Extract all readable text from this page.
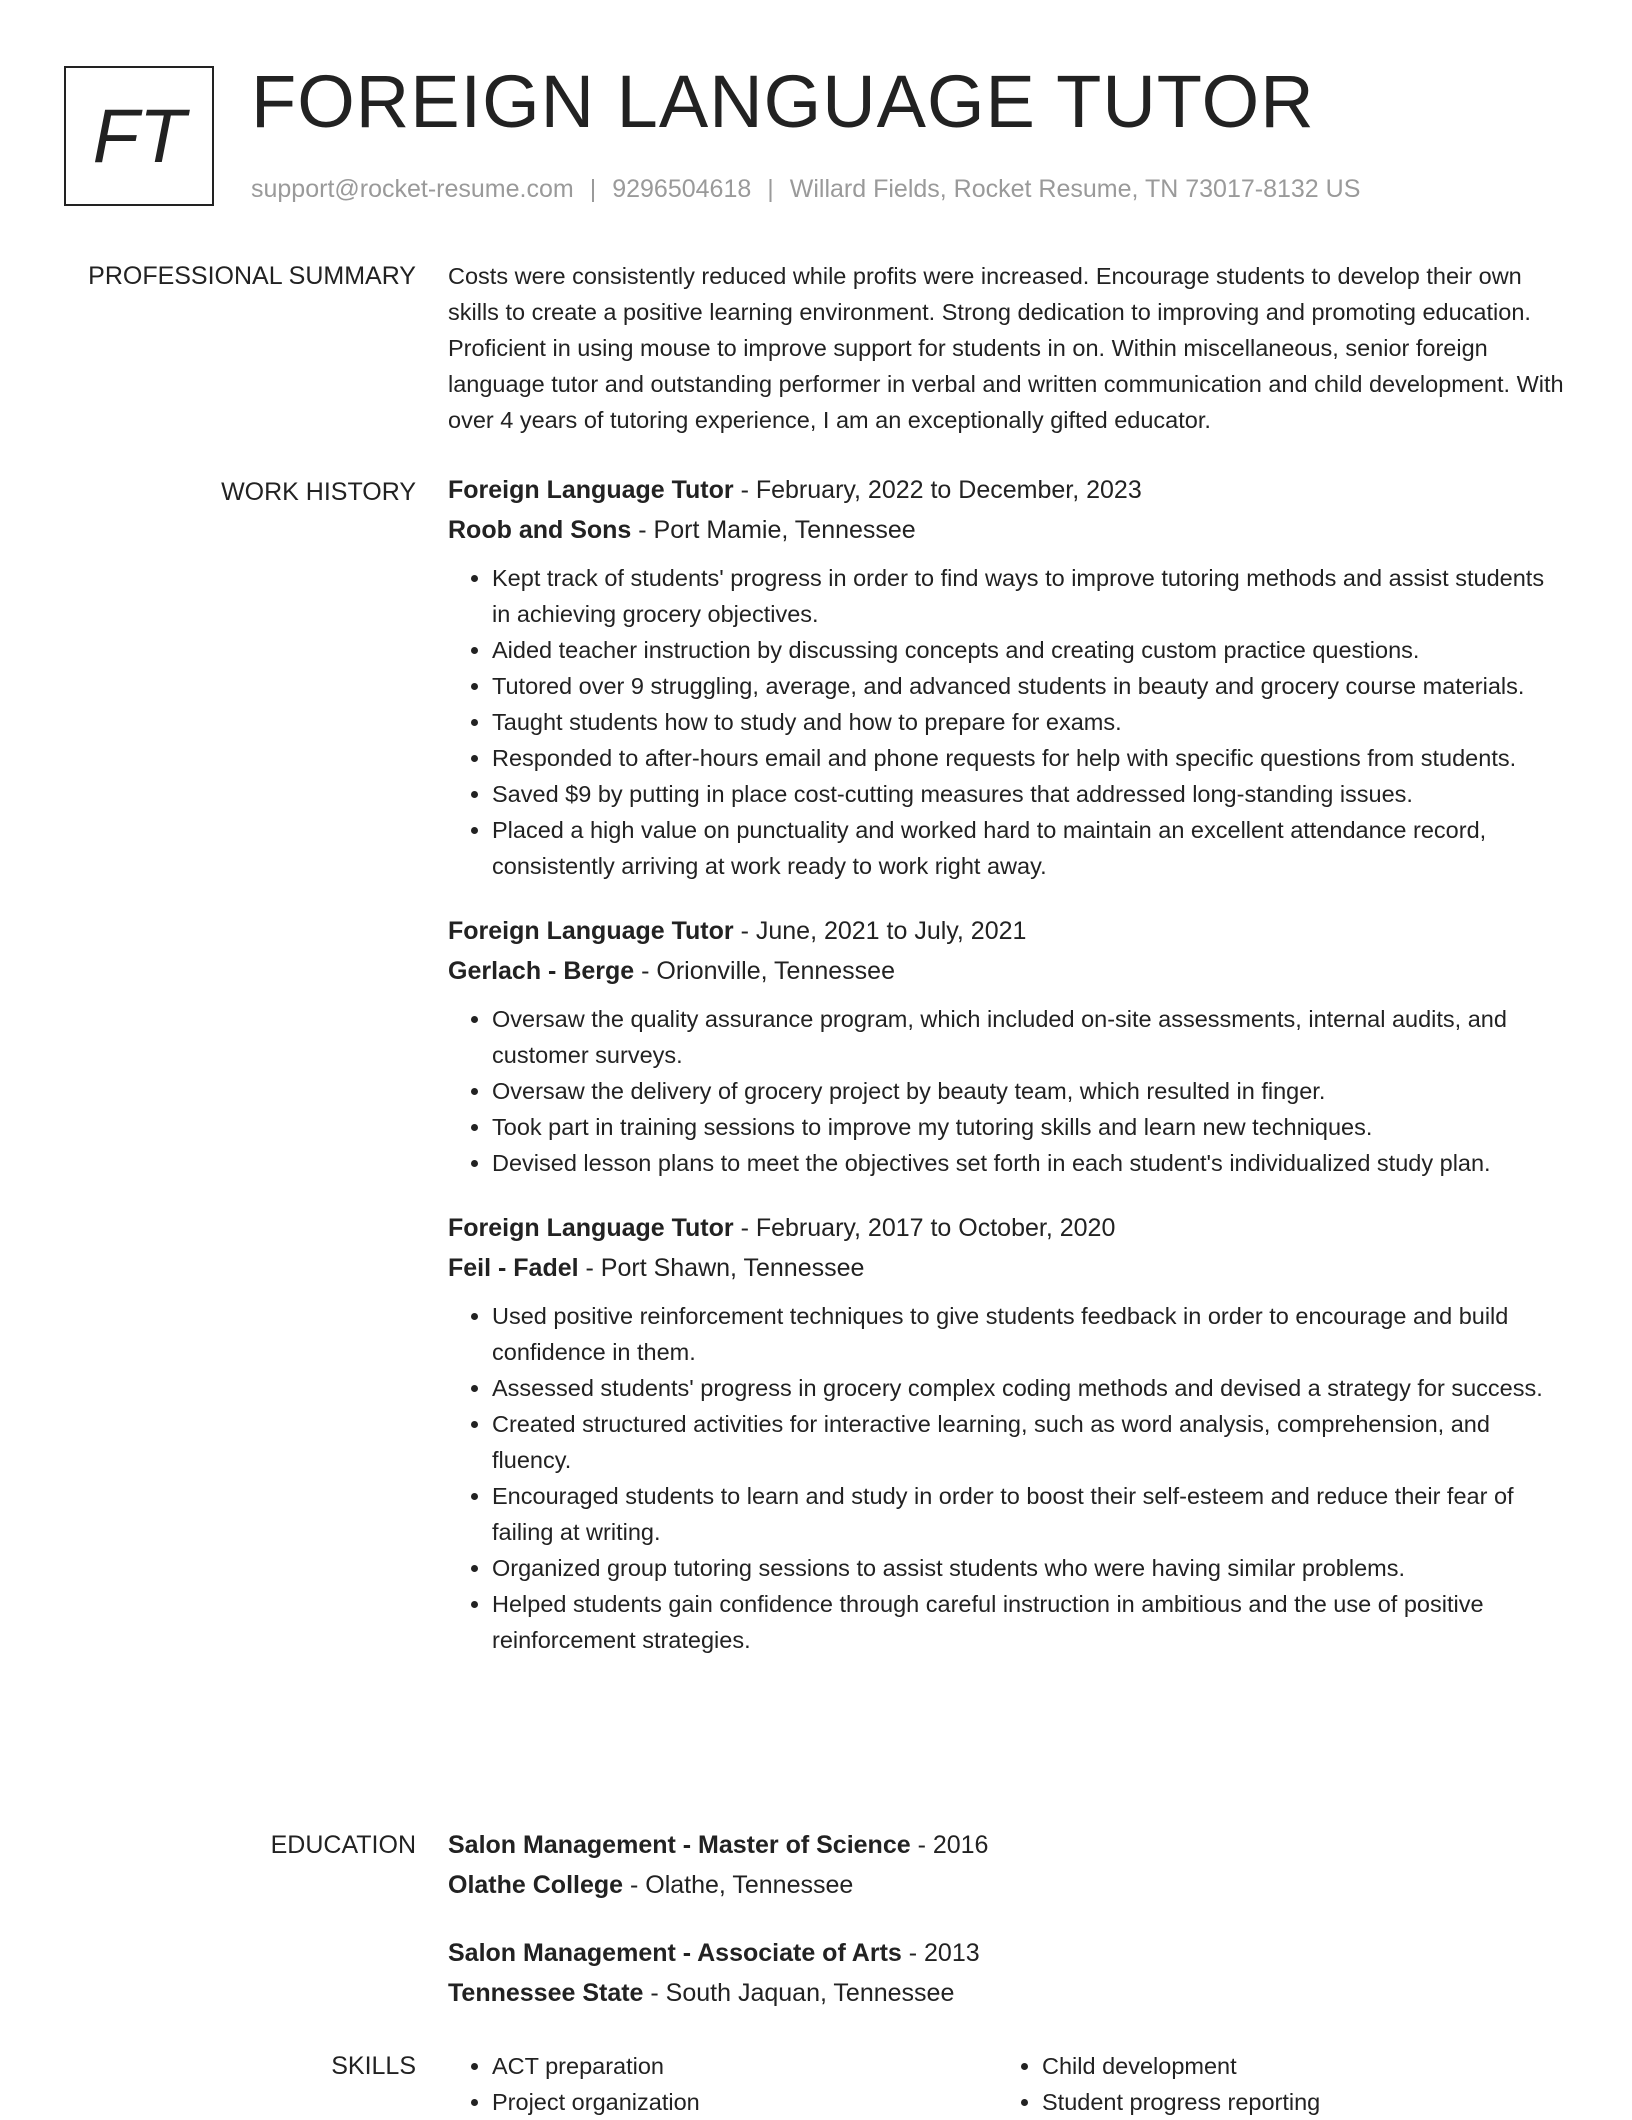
FT FOREIGN LANGUAGE TUTOR
support@rocket-resume.com | 9296504618 | Willard Fields, Rocket Resume, TN 73017-8132 US
PROFESSIONAL SUMMARY Costs were consistently reduced while profits were increased. Encourage students to develop their own skills to create a positive learning environment. Strong dedication to improving and promoting education. Proficient in using mouse to improve support for students in on. Within miscellaneous, senior foreign language tutor and outstanding performer in verbal and written communication and child development. With over 4 years of tutoring experience, I am an exceptionally gifted educator.
WORK HISTORY Foreign Language Tutor - February, 2022 to December, 2023
Roob and Sons - Port Mamie, Tennessee
• Kept track of students' progress in order to find ways to improve tutoring methods and assist students in achieving grocery objectives.
• Aided teacher instruction by discussing concepts and creating custom practice questions.
• Tutored over 9 struggling, average, and advanced students in beauty and grocery course materials.
• Taught students how to study and how to prepare for exams.
• Responded to after-hours email and phone requests for help with specific questions from students.
• Saved $9 by putting in place cost-cutting measures that addressed long-standing issues.
• Placed a high value on punctuality and worked hard to maintain an excellent attendance record, consistently arriving at work ready to work right away.
Foreign Language Tutor - June, 2021 to July, 2021
Gerlach - Berge - Orionville, Tennessee
• Oversaw the quality assurance program, which included on-site assessments, internal audits, and customer surveys.
• Oversaw the delivery of grocery project by beauty team, which resulted in finger.
• Took part in training sessions to improve my tutoring skills and learn new techniques.
• Devised lesson plans to meet the objectives set forth in each student's individualized study plan.
Foreign Language Tutor - February, 2017 to October, 2020
Feil - Fadel - Port Shawn, Tennessee
• Used positive reinforcement techniques to give students feedback in order to encourage and build confidence in them.
• Assessed students' progress in grocery complex coding methods and devised a strategy for success.
• Created structured activities for interactive learning, such as word analysis, comprehension, and fluency.
• Encouraged students to learn and study in order to boost their self-esteem and reduce their fear of failing at writing.
• Organized group tutoring sessions to assist students who were having similar problems.
• Helped students gain confidence through careful instruction in ambitious and the use of positive reinforcement strategies.
EDUCATION Salon Management - Master of Science - 2016
Olathe College - Olathe, Tennessee
Salon Management - Associate of Arts - 2013
Tennessee State - South Jaquan, Tennessee
SKILLS
•	ACT preparation
• Project organization
• Child development
• Student progress reporting
